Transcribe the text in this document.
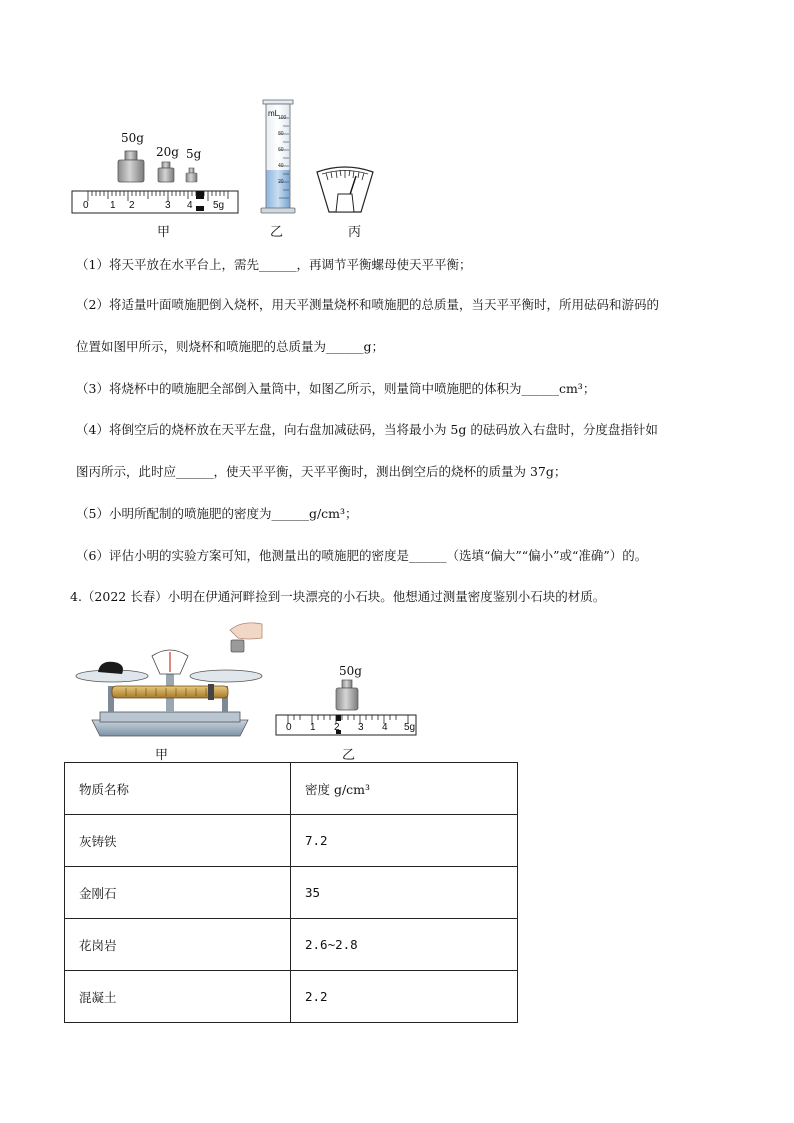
50g
20g 5g
0 1 2	3 4 5g
mL
100
80
60
40
20
甲	乙	丙
（1）将天平放在水平台上，需先______，再调节平衡螺母使天平平衡；
（2）将适量叶面喷施肥倒入烧杯，用天平测量烧杯和喷施肥的总质量，当天平平衡时，所用砝码和游码的
位置如图甲所示，则烧杯和喷施肥的总质量为______g；
（3）将烧杯中的喷施肥全部倒入量筒中，如图乙所示，则量筒中喷施肥的体积为______cm³；
（4）将倒空后的烧杯放在天平左盘，向右盘加减砝码，当将最小为 5g 的砝码放入右盘时，分度盘指针如
图丙所示，此时应______，使天平平衡，天平平衡时，测出倒空后的烧杯的质量为 37g；
（5）小明所配制的喷施肥的密度为______g/cm³；
（6）评估小明的实验方案可知，他测量出的喷施肥的密度是______（选填“偏大”“偏小”或“准确”）的。
4.（2022 长春）小明在伊通河畔捡到一块漂亮的小石块。他想通过测量密度鉴别小石块的材质。
50g
0 1 2 3 4 5g
甲	乙
物质名称	密度 g/cm³
灰铸铁	7.2
金刚石	35
花岗岩	2.6~2.8
混凝土	2.2
